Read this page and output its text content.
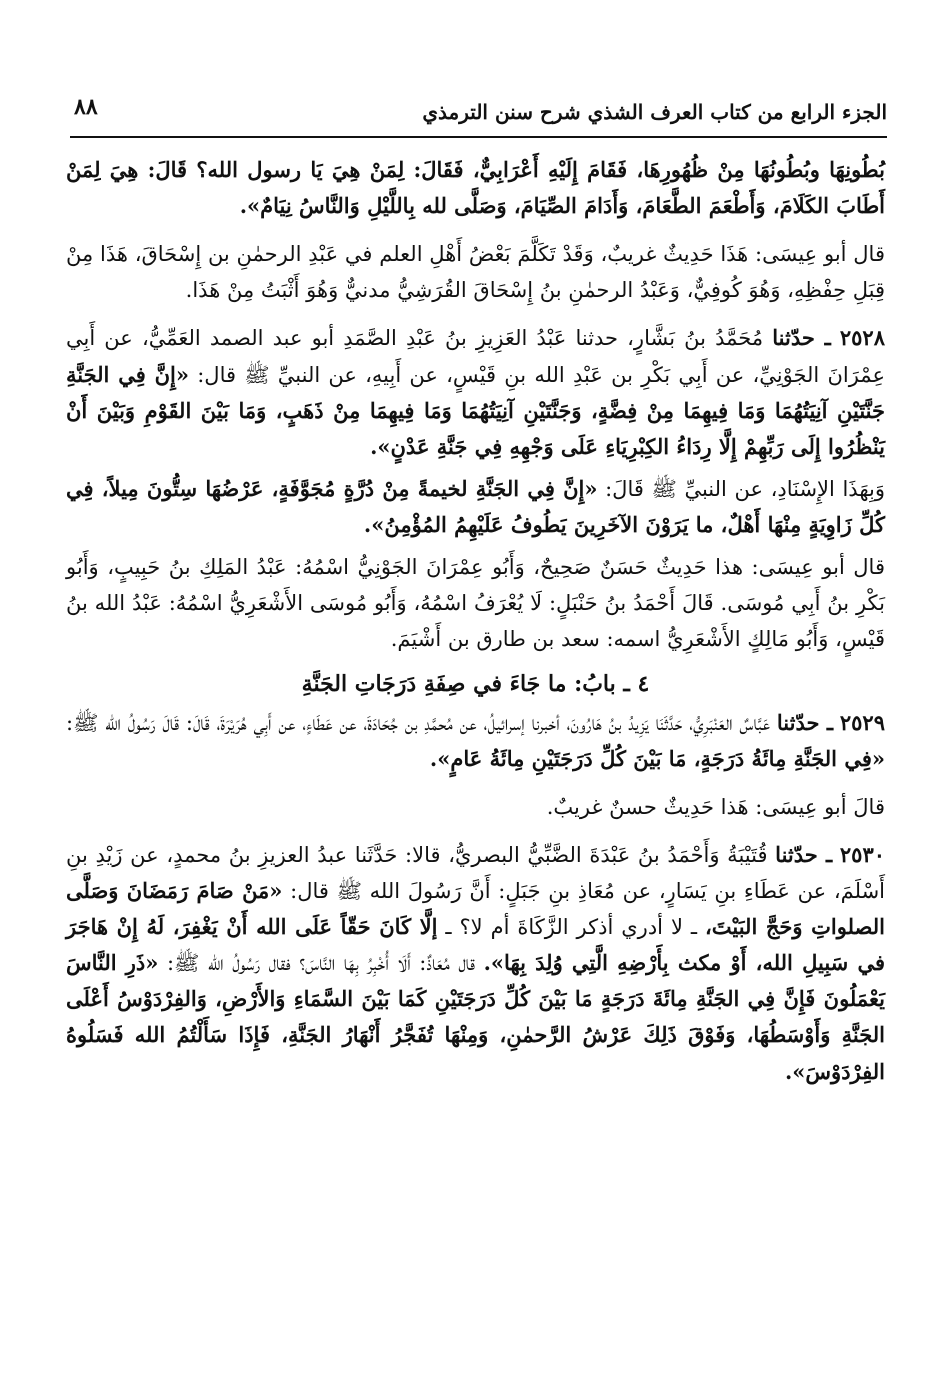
الجزء الرابع من كتاب العرف الشذي شرح سنن الترمذي
٨٨

بُطُونِهَا وبُطُونُهَا مِنْ ظُهُورِهَا، فَقَامَ إِلَيْهِ أَعْرَابِيٌّ، فَقَالَ: لِمَنْ هِيَ يَا رسول الله؟ قَالَ: هِيَ لِمَنْ أَطَابَ الكَلَامَ، وَأَطْعَمَ الطَّعَامَ، وَأَدَامَ الصِّيَامَ، وَصَلَّى لله بِاللَّيْلِ وَالنَّاسُ نِيَامٌ».

قال أبو عِيسَى: هَذَا حَدِيثٌ غريبٌ، وَقَدْ تَكَلَّمَ بَعْضُ أَهْلِ العلم في عَبْدِ الرحمٰنِ بن إِسْحَاقَ، هَذَا مِنْ قِبَلِ حِفْظِهِ، وَهُوَ كُوفِيٌّ، وَعَبْدُ الرحمٰنِ بنُ إِسْحَاقَ القُرَشِيُّ مدنيٌّ وَهُوَ أَثْبَتُ مِنْ هَذَا.

٢٥٢٨ ـ حدّثنا مُحَمَّدُ بنُ بَشَّارٍ، حدثنا عَبْدُ العَزِيزِ بنُ عَبْدِ الصَّمَدِ أبو عبد الصمد العَمِّيُّ، عن أَبِي عِمْرَانَ الجَوْنِيِّ، عن أَبِي بَكْرِ بن عَبْدِ الله بنِ قَيْسٍ، عن أَبِيهِ، عن النبيِّ ﷺ قال: «إِنَّ فِي الجَنَّةِ جَنَّتَيْنِ آنِيَتُهُمَا وَمَا فِيهِمَا مِنْ فِضَّةٍ، وَجَنَّتَيْنِ آنِيَتُهُمَا وَمَا فِيهِمَا مِنْ ذَهَبٍ، وَمَا بَيْنَ القَوْمِ وَبَيْنَ أَنْ يَنْظُرُوا إِلَى رَبِّهِمْ إِلَّا رِدَاءُ الكِبْرِيَاءِ عَلَى وَجْهِهِ فِي جَنَّةِ عَدْنٍ».

وَبِهَذَا الإِسْنَادِ، عن النبيِّ ﷺ قَالَ: «إِنَّ فِي الجَنَّةِ لخيمةً مِنْ دُرَّةٍ مُجَوَّفَةٍ، عَرْضُهَا سِتُّونَ مِيلاً، فِي كُلِّ زَاوِيَةٍ مِنْهَا أَهْلٌ، ما يَرَوْنَ الآخَرِينَ يَطُوفُ عَلَيْهِمُ المُؤْمِنُ».

قال أبو عِيسَى: هذا حَدِيثٌ حَسَنٌ صَحِيحٌ، وَأَبُو عِمْرَانَ الجَوْنِيُّ اسْمُهُ: عَبْدُ المَلِكِ بنُ حَبِيبٍ، وَأَبُو بَكْرِ بنُ أَبِي مُوسَى. قَالَ أَحْمَدُ بنُ حَنْبَلٍ: لَا يُعْرَفُ اسْمُهُ، وَأَبُو مُوسَى الأَشْعَرِيُّ اسْمُهُ: عَبْدُ الله بنُ قَيْسٍ، وَأَبُو مَالِكٍ الأَشْعَرِيُّ اسمه: سعد بن طارق بن أَشْيَمَ.

٤ ـ بابُ: ما جَاءَ في صِفَةِ دَرَجَاتِ الجَنَّةِ

٢٥٢٩ ـ حدّثنا عَبَّاسٌ العَنْبَرِيُّ، حَدَّثَنَا يَزِيدُ بنُ هَارُونَ، أخبرنا إسرائيلُ، عن مُحمَّدِ بن جُحَادَةَ، عن عَطَاءٍ، عن أَبِي هُرَيْرَةَ، قَالَ: قَالَ رَسُولُ الله ﷺ: «فِي الجَنَّةِ مِائَةُ دَرَجَةٍ، مَا بَيْنَ كُلِّ دَرَجَتَيْنِ مِائَةُ عَامٍ».

قالَ أبو عِيسَى: هَذا حَدِيثٌ حسنٌ غريبٌ.

٢٥٣٠ ـ حدّثنا قُتَيْبَةُ وَأَحْمَدُ بنُ عَبْدَةَ الضَّبِّيُّ البصريُّ، قالا: حَدَّثَنا عبدُ العزيزِ بنُ محمدٍ، عن زَيْدِ بنِ أَسْلَمَ، عن عَطَاءِ بنِ يَسَارٍ، عن مُعَاذِ بنِ جَبَلٍ: أَنَّ رَسُولَ الله ﷺ قال: «مَنْ صَامَ رَمَضَانَ وَصَلَّى الصلواتِ وَحَجَّ البَيْتَ، ـ لا أدري أذكر الزَّكَاةَ أم لا؟ ـ إلَّا كَانَ حَقّاً عَلَى الله أَنْ يَغْفِرَ، لَهُ إِنْ هَاجَرَ في سَبِيلِ الله، أَوْ مكث بِأَرْضِهِ الَّتِي وُلِدَ بِهَا». قال مُعَاذٌ: أَلَا أُخْبِرُ بِهَا النَّاسَ؟ فقال رَسُولُ الله ﷺ: «ذَرِ النَّاسَ يَعْمَلُونَ فَإِنَّ فِي الجَنَّةِ مِائَةَ دَرَجَةٍ مَا بَيْنَ كُلِّ دَرَجَتَيْنِ كَمَا بَيْنَ السَّمَاءِ وَالأَرْضِ، وَالفِرْدَوْسُ أَعْلَى الجَنَّةِ وَأَوْسَطُهَا، وَفَوْقَ ذَلِكَ عَرْشُ الرَّحمٰنِ، وَمِنْهَا تُفَجَّرُ أَنْهَارُ الجَنَّةِ، فَإِذَا سَأَلْتُمُ الله فَسَلُوهُ الفِرْدَوْسَ».
